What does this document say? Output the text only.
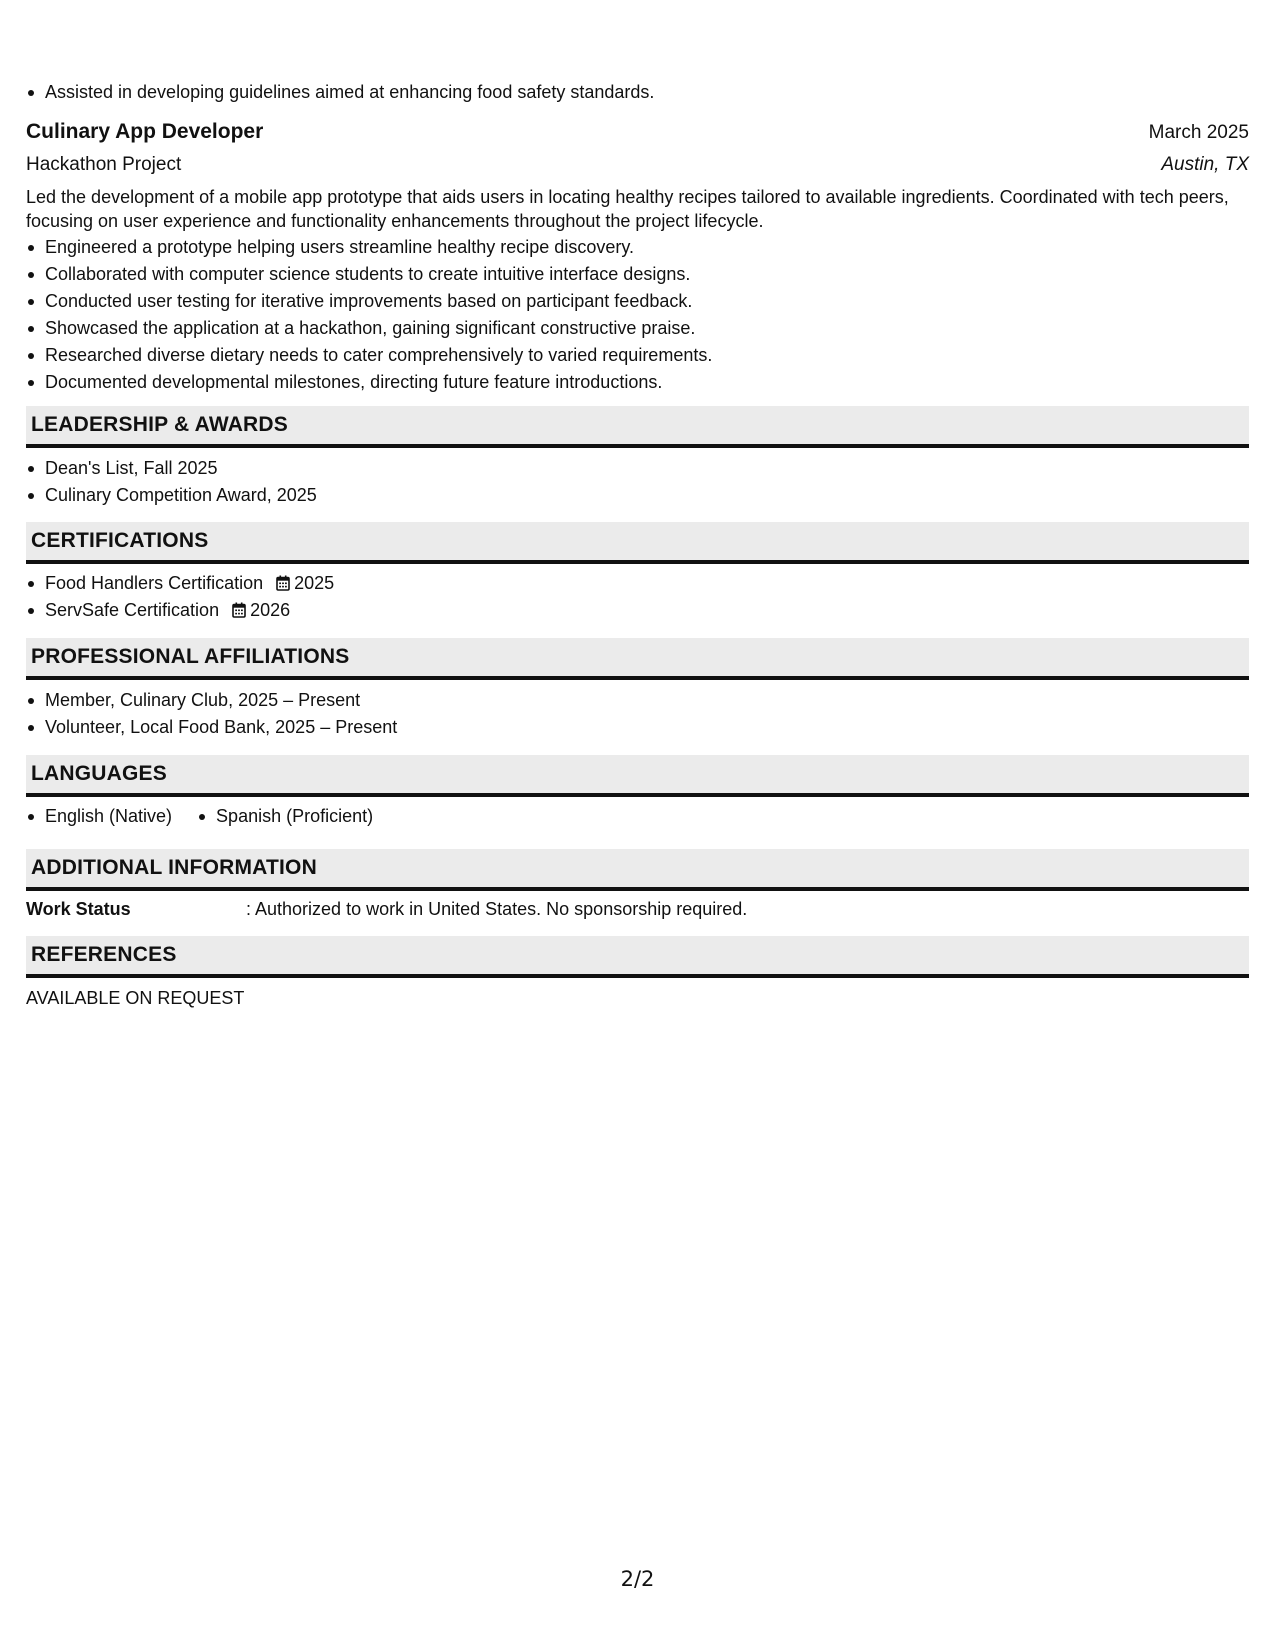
Assisted in developing guidelines aimed at enhancing food safety standards.
Culinary App Developer	March 2025
Hackathon Project	Austin, TX
Led the development of a mobile app prototype that aids users in locating healthy recipes tailored to available ingredients. Coordinated with tech peers, focusing on user experience and functionality enhancements throughout the project lifecycle.
Engineered a prototype helping users streamline healthy recipe discovery.
Collaborated with computer science students to create intuitive interface designs.
Conducted user testing for iterative improvements based on participant feedback.
Showcased the application at a hackathon, gaining significant constructive praise.
Researched diverse dietary needs to cater comprehensively to varied requirements.
Documented developmental milestones, directing future feature introductions.
LEADERSHIP & AWARDS
Dean's List, Fall 2025
Culinary Competition Award, 2025
CERTIFICATIONS
Food Handlers Certification 2025
ServSafe Certification 2026
PROFESSIONAL AFFILIATIONS
Member, Culinary Club, 2025 – Present
Volunteer, Local Food Bank, 2025 – Present
LANGUAGES
English (Native) Spanish (Proficient)
ADDITIONAL INFORMATION
Work Status	: Authorized to work in United States. No sponsorship required.
REFERENCES
AVAILABLE ON REQUEST
2/2
